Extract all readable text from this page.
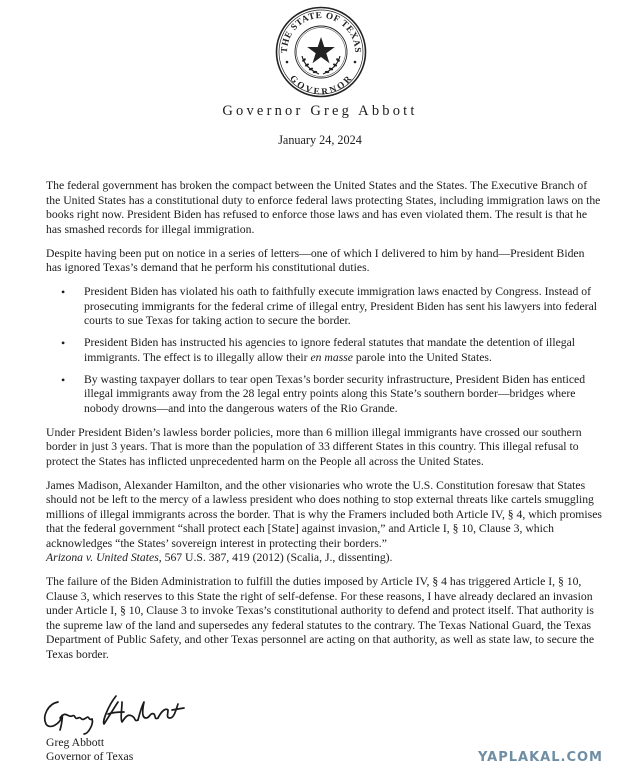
THE STATE OF TEXAS
GOVERNOR
Governor Greg Abbott
January 24, 2024

The federal government has broken the compact between the United States and the States. The Executive Branch of the United States has a constitutional duty to enforce federal laws protecting States, including immigration laws on the books right now. President Biden has refused to enforce those laws and has even violated them. The result is that he has smashed records for illegal immigration.

Despite having been put on notice in a series of letters—one of which I delivered to him by hand—President Biden has ignored Texas’s demand that he perform his constitutional duties.

• President Biden has violated his oath to faithfully execute immigration laws enacted by Congress. Instead of prosecuting immigrants for the federal crime of illegal entry, President Biden has sent his lawyers into federal courts to sue Texas for taking action to secure the border.
• President Biden has instructed his agencies to ignore federal statutes that mandate the detention of illegal immigrants. The effect is to illegally allow their en masse parole into the United States.
• By wasting taxpayer dollars to tear open Texas’s border security infrastructure, President Biden has enticed illegal immigrants away from the 28 legal entry points along this State’s southern border—bridges where nobody drowns—and into the dangerous waters of the Rio Grande.

Under President Biden’s lawless border policies, more than 6 million illegal immigrants have crossed our southern border in just 3 years. That is more than the population of 33 different States in this country. This illegal refusal to protect the States has inflicted unprecedented harm on the People all across the United States.

James Madison, Alexander Hamilton, and the other visionaries who wrote the U.S. Constitution foresaw that States should not be left to the mercy of a lawless president who does nothing to stop external threats like cartels smuggling millions of illegal immigrants across the border. That is why the Framers included both Article IV, § 4, which promises that the federal government “shall protect each [State] against invasion,” and Article I, § 10, Clause 3, which acknowledges “the States’ sovereign interest in protecting their borders.”
Arizona v. United States, 567 U.S. 387, 419 (2012) (Scalia, J., dissenting).

The failure of the Biden Administration to fulfill the duties imposed by Article IV, § 4 has triggered Article I, § 10, Clause 3, which reserves to this State the right of self-defense. For these reasons, I have already declared an invasion under Article I, § 10, Clause 3 to invoke Texas’s constitutional authority to defend and protect itself. That authority is the supreme law of the land and supersedes any federal statutes to the contrary. The Texas National Guard, the Texas Department of Public Safety, and other Texas personnel are acting on that authority, as well as state law, to secure the Texas border.

Greg Abbott
Governor of Texas	YAPLAKAL.COM
